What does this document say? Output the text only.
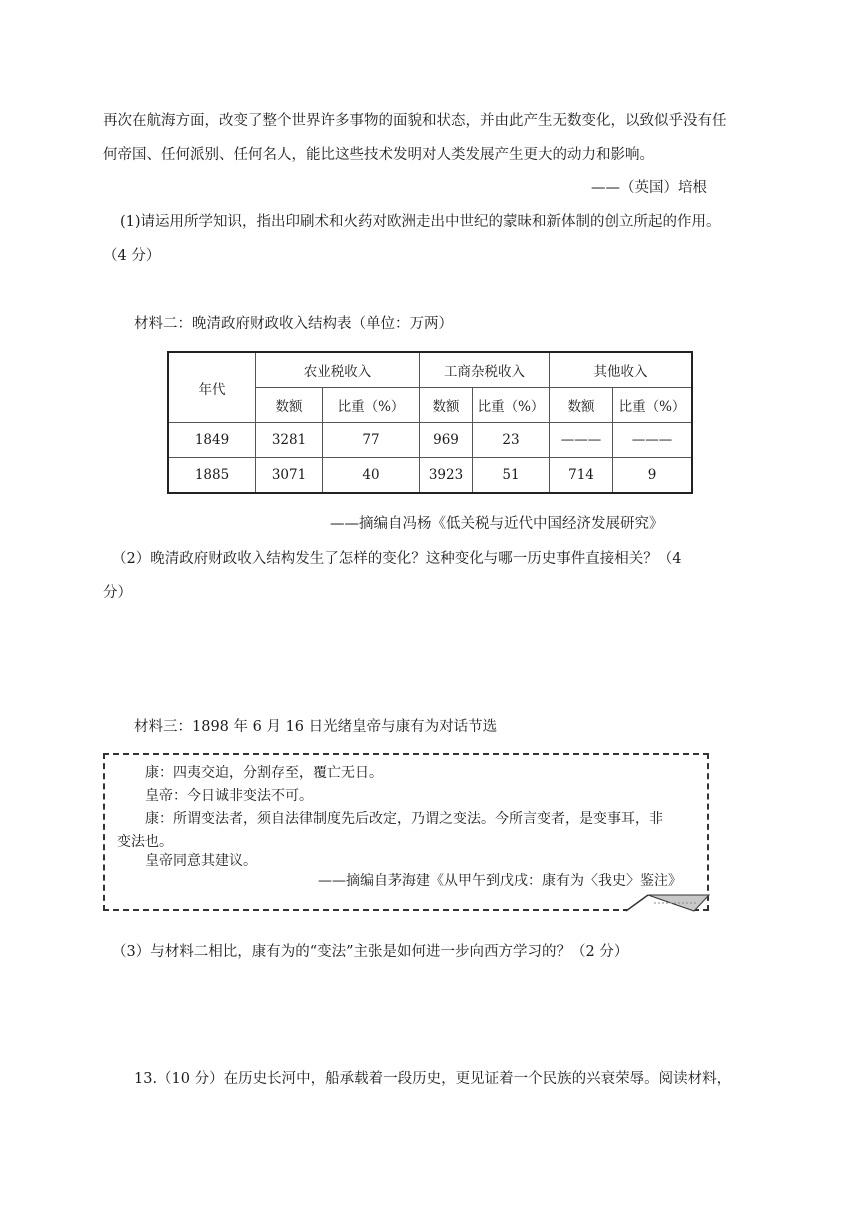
再次在航海方面，改变了整个世界许多事物的面貌和状态，并由此产生无数变化，以致似乎没有任
何帝国、任何派别、任何名人，能比这些技术发明对人类发展产生更大的动力和影响。
——（英国）培根
(1)请运用所学知识，指出印刷术和火药对欧洲走出中世纪的蒙昧和新体制的创立所起的作用。
（4 分）
材料二：晚清政府财政收入结构表（单位：万两）
年代	农业税收入		工商杂税收入		其他收入	
	数额	比重（%）	数额	比重（%）	数额	比重（%）
1849	3281	77	969	23	———	———
1885	3071	40	3923	51	714	9
——摘编自冯杨《低关税与近代中国经济发展研究》
（2）晚清政府财政收入结构发生了怎样的变化？这种变化与哪一历史事件直接相关？（4
分）
材料三：1898 年 6 月 16 日光绪皇帝与康有为对话节选
康：四夷交迫，分割存至，覆亡无日。
皇帝：今日诚非变法不可。
康：所谓变法者，须自法律制度先后改定，乃谓之变法。今所言变者，是变事耳，非
变法也。
皇帝同意其建议。
——摘编自茅海建《从甲午到戊戌：康有为〈我史〉鉴注》
（3）与材料二相比，康有为的“变法”主张是如何进一步向西方学习的？（2 分）
13.（10 分）在历史长河中，船承载着一段历史，更见证着一个民族的兴衰荣辱。阅读材料，
